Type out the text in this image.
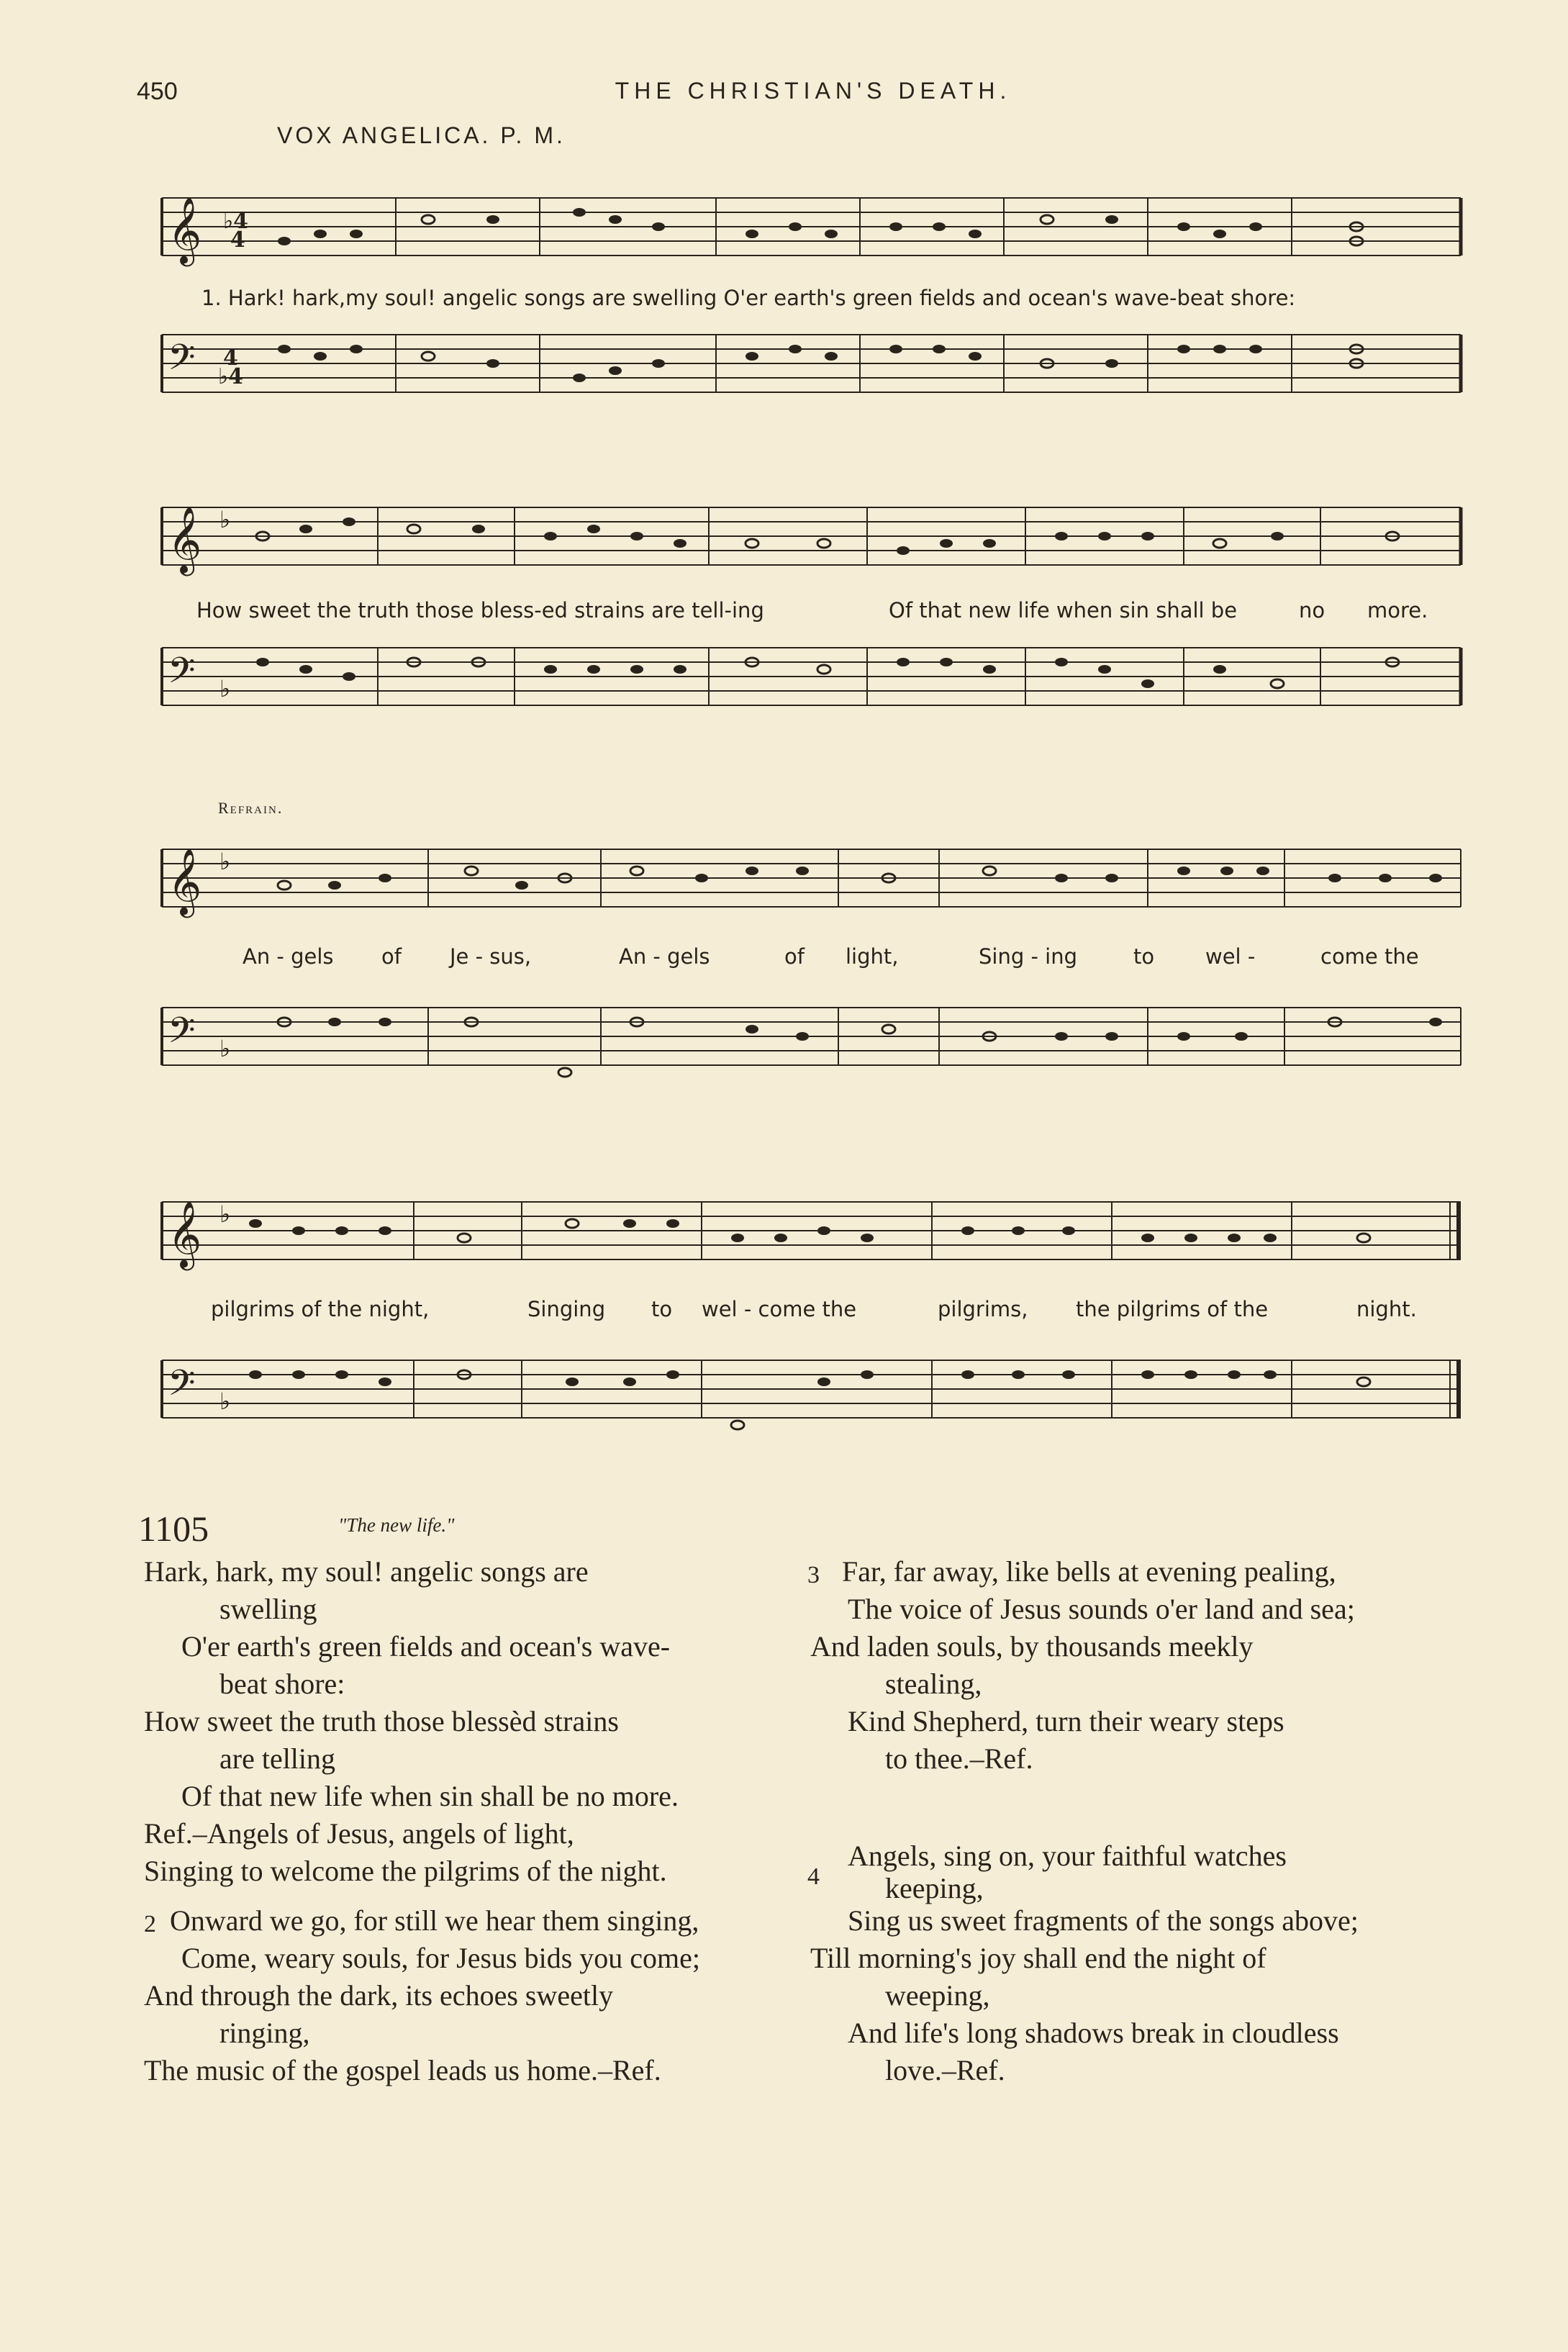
450	THE CHRISTIAN'S DEATH.
VOX ANGELICA. P. M.
𝄞 ♭4
4
1. Hark! hark,my soul! angelic songs are swelling O'er earth's green fields and ocean's wave-beat shore:
𝄢 4
♭4
𝄞 ♭
How sweet the truth those bless-ed strains are tell-ing	Of that new life when sin shall be	no more.
𝄢 ♭
Refrain.
𝄞 ♭
An - gels of Je - sus,	An - gels	of light,	Sing - ing	to wel -	come the
𝄢 ♭
𝄞 ♭
pilgrims of the night,	Singing to wel - come the	pilgrims, the pilgrims of the	night.
𝄢 ♭
1105	"The new life."
Hark, hark, my soul! angelic songs are
swelling
O'er earth's green fields and ocean's wave-
beat shore:
How sweet the truth those blessèd strains
are telling
Of that new life when sin shall be no more.
Ref.–Angels of Jesus, angels of light,
Singing to welcome the pilgrims of the night.
2 Onward we go, for still we hear them singing,
Come, weary souls, for Jesus bids you come;
And through the dark, its echoes sweetly
ringing,
The music of the gospel leads us home.–Ref.
3 Far, far away, like bells at evening pealing,
The voice of Jesus sounds o'er land and sea;
And laden souls, by thousands meekly
stealing,
Kind Shepherd, turn their weary steps
to thee.–Ref.
4
Angels, sing on, your faithful watches
keeping,
Sing us sweet fragments of the songs above;
Till morning's joy shall end the night of
weeping,
And life's long shadows break in cloudless
love.–Ref.
